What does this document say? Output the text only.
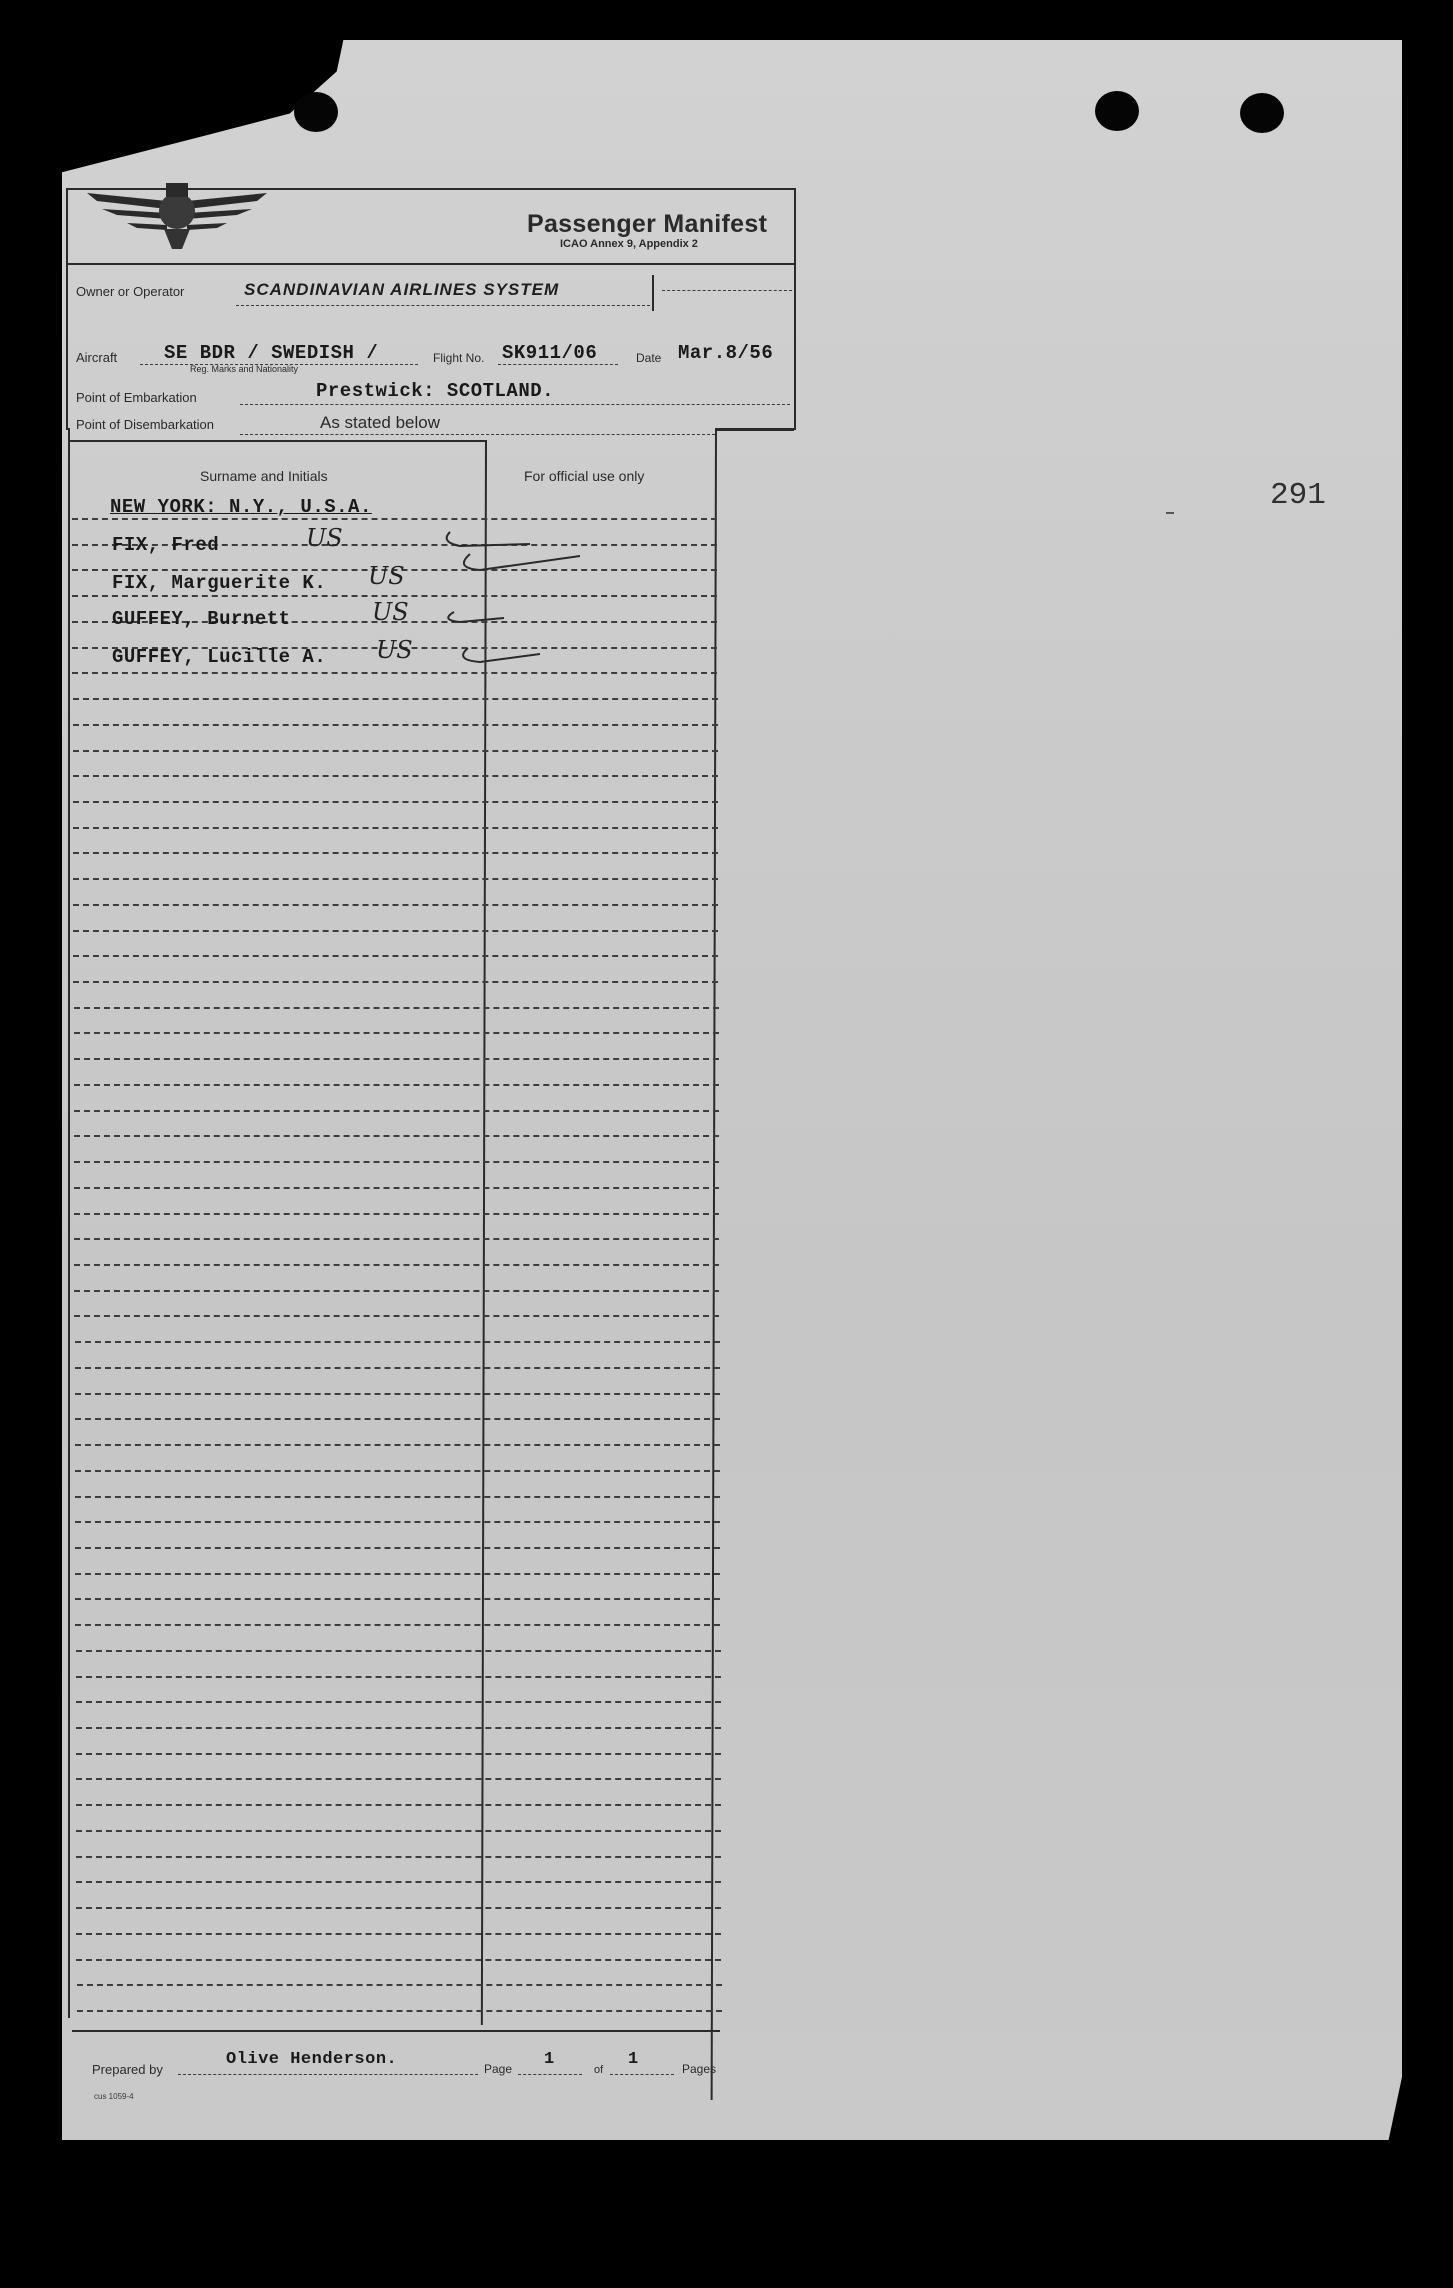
Passenger Manifest
ICAO Annex 9, Appendix 2
Owner or Operator	SCANDINAVIAN AIRLINES SYSTEM
Aircraft SE BDR / SWEDISH /
Reg. Marks and Nationality
Flight No. SK911/06	Date Mar.8/56
Point of Embarkation	Prestwick: SCOTLAND.
Point of Disembarkation	As stated below
Surname and Initials	For official use only
NEW YORK: N.Y., U.S.A.
FIX, Fred	US
FIX, Marguerite K. US
GUFFEY, Burnett	US
GUFFEY, Lucille A. US
Prepared by
Olive Henderson.	Page 1
of
1	Pages
cus 1059-4
291
